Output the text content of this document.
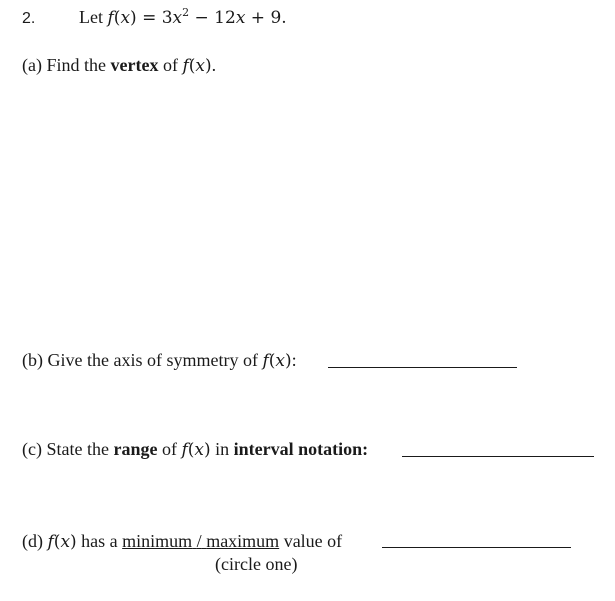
2. Let $f(x) = 3x^2 - 12x + 9$.
(a) Find the vertex of f(x).
(b) Give the axis of symmetry of f(x):
(c) State the range of f(x) in interval notation:
(d) f(x) has a minimum / maximum value of
(circle one)
